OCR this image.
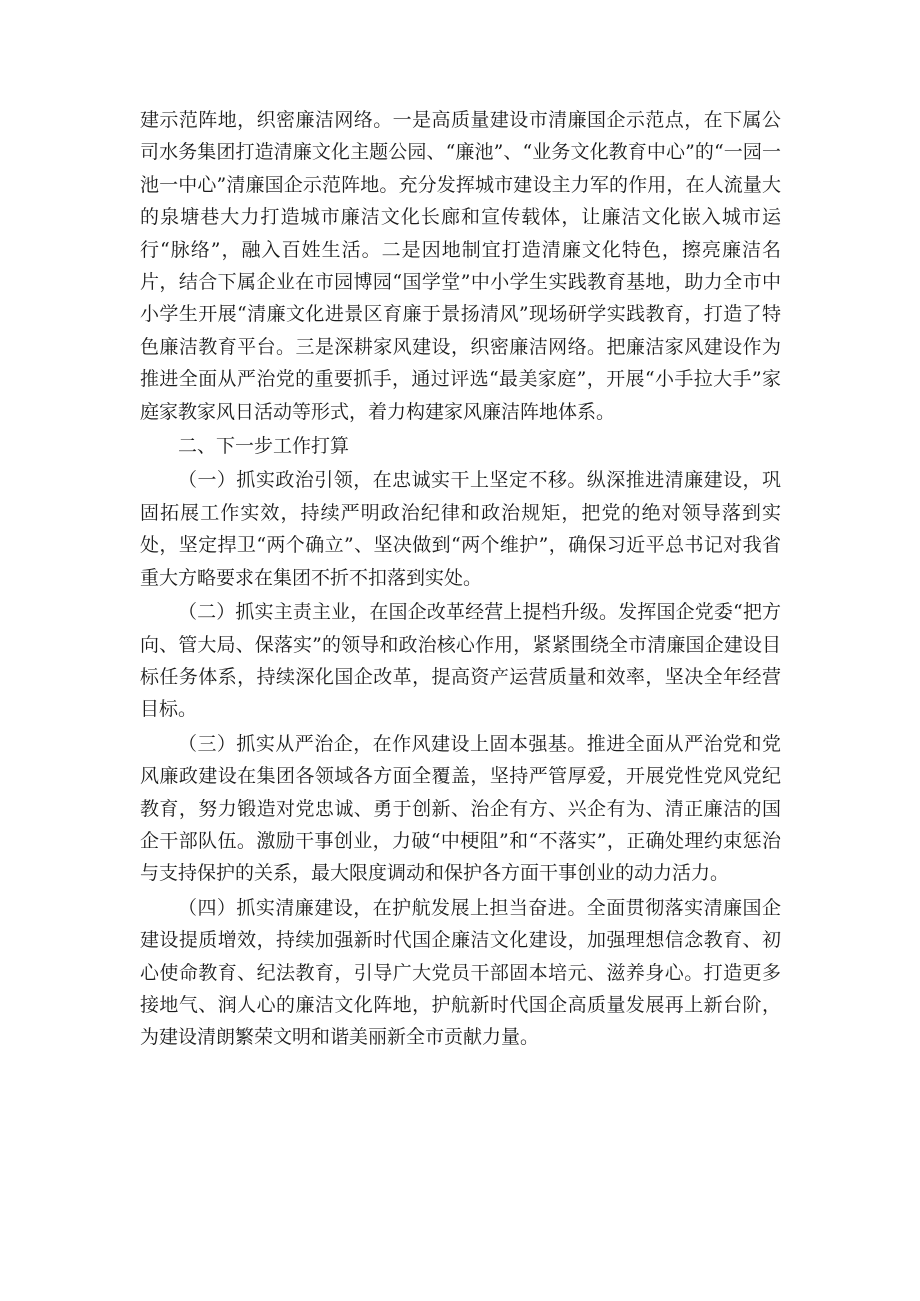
建示范阵地，织密廉洁网络。一是高质量建设市清廉国企示范点，在下属公司水务集团打造清廉文化主题公园、“廉池”、“业务文化教育中心”的“一园一池一中心”清廉国企示范阵地。充分发挥城市建设主力军的作用，在人流量大的泉塘巷大力打造城市廉洁文化长廊和宣传载体，让廉洁文化嵌入城市运行“脉络”，融入百姓生活。二是因地制宜打造清廉文化特色，擦亮廉洁名片，结合下属企业在市园博园“国学堂”中小学生实践教育基地，助力全市中小学生开展“清廉文化进景区育廉于景扬清风”现场研学实践教育，打造了特色廉洁教育平台。三是深耕家风建设，织密廉洁网络。把廉洁家风建设作为推进全面从严治党的重要抓手，通过评选“最美家庭”，开展“小手拉大手”家庭家教家风日活动等形式，着力构建家风廉洁阵地体系。

二、下一步工作打算

（一）抓实政治引领，在忠诚实干上坚定不移。纵深推进清廉建设，巩固拓展工作实效，持续严明政治纪律和政治规矩，把党的绝对领导落到实处，坚定捍卫“两个确立”、坚决做到“两个维护”，确保习近平总书记对我省重大方略要求在集团不折不扣落到实处。

（二）抓实主责主业，在国企改革经营上提档升级。发挥国企党委“把方向、管大局、保落实”的领导和政治核心作用，紧紧围绕全市清廉国企建设目标任务体系，持续深化国企改革，提高资产运营质量和效率，坚决全年经营目标。

（三）抓实从严治企，在作风建设上固本强基。推进全面从严治党和党风廉政建设在集团各领域各方面全覆盖，坚持严管厚爱，开展党性党风党纪教育，努力锻造对党忠诚、勇于创新、治企有方、兴企有为、清正廉洁的国企干部队伍。激励干事创业，力破“中梗阻”和“不落实”，正确处理约束惩治与支持保护的关系，最大限度调动和保护各方面干事创业的动力活力。

（四）抓实清廉建设，在护航发展上担当奋进。全面贯彻落实清廉国企建设提质增效，持续加强新时代国企廉洁文化建设，加强理想信念教育、初心使命教育、纪法教育，引导广大党员干部固本培元、滋养身心。打造更多接地气、润人心的廉洁文化阵地，护航新时代国企高质量发展再上新台阶，为建设清朗繁荣文明和谐美丽新全市贡献力量。
